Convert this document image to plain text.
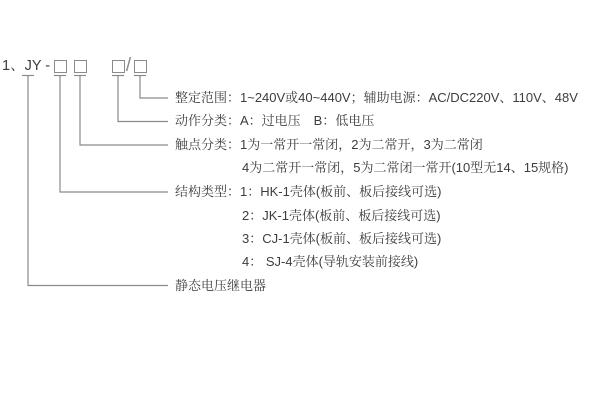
1、JY -	/
整定范围：1~240V或40~440V；辅助电源：AC/DC220V、110V、48V
动作分类：A：过电压　B：低电压
触点分类：1为一常开一常闭，2为二常开，3为二常闭
4为二常开一常闭，5为二常闭一常开(10型无14、15规格)
结构类型：1：HK-1壳体(板前、板后接线可选)
2：JK-1壳体(板前、板后接线可选)
3：CJ-1壳体(板前、板后接线可选)
4： SJ-4壳体(导轨安装前接线)
静态电压继电器
